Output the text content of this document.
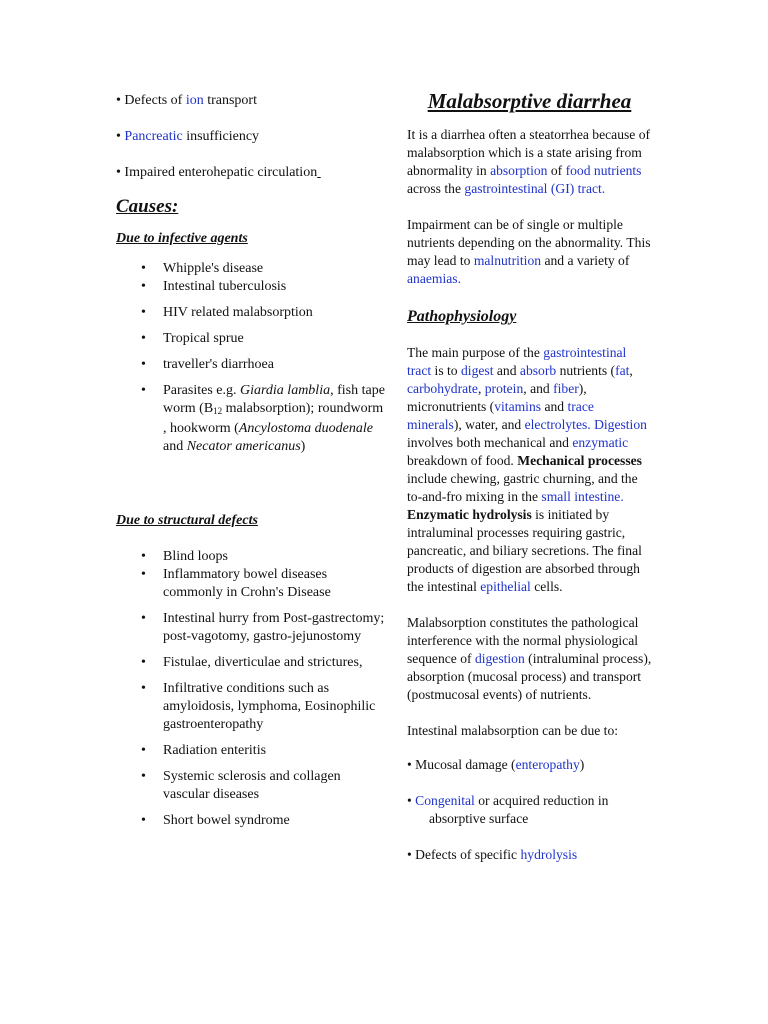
• Defects of ion transport

• Pancreatic insufficiency

• Impaired enterohepatic circulation

Causes:

Due to infective agents

• Whipple's disease
• Intestinal tuberculosis
• HIV related malabsorption
• Tropical sprue
• traveller's diarrhoea
• Parasites e.g. Giardia lamblia, fish tape worm ($B_{12}$ malabsorption); roundworm , hookworm (Ancylostoma duodenale and Necator americanus)

Due to structural defects

• Blind loops
• Inflammatory bowel diseases commonly in Crohn's Disease
• Intestinal hurry from Post-gastrectomy; post-vagotomy, gastro-jejunostomy
• Fistulae, diverticulae and strictures,
• Infiltrative conditions such as amyloidosis, lymphoma, Eosinophilic gastroenteropathy
• Radiation enteritis
• Systemic sclerosis and collagen vascular diseases
• Short bowel syndrome

Malabsorptive diarrhea

It is a diarrhea often a steatorrhea because of malabsorption which is a state arising from abnormality in absorption of food nutrients across the gastrointestinal (GI) tract.

Impairment can be of single or multiple nutrients depending on the abnormality. This may lead to malnutrition and a variety of anaemias.

Pathophysiology

The main purpose of the gastrointestinal tract is to digest and absorb nutrients (fat, carbohydrate, protein, and fiber), micronutrients (vitamins and trace minerals), water, and electrolytes. Digestion involves both mechanical and enzymatic breakdown of food. Mechanical processes include chewing, gastric churning, and the to-and-fro mixing in the small intestine. Enzymatic hydrolysis is initiated by intraluminal processes requiring gastric, pancreatic, and biliary secretions. The final products of digestion are absorbed through the intestinal epithelial cells.

Malabsorption constitutes the pathological interference with the normal physiological sequence of digestion (intraluminal process), absorption (mucosal process) and transport (postmucosal events) of nutrients.

Intestinal malabsorption can be due to:

• Mucosal damage (enteropathy)

• Congenital or acquired reduction in absorptive surface

• Defects of specific hydrolysis
